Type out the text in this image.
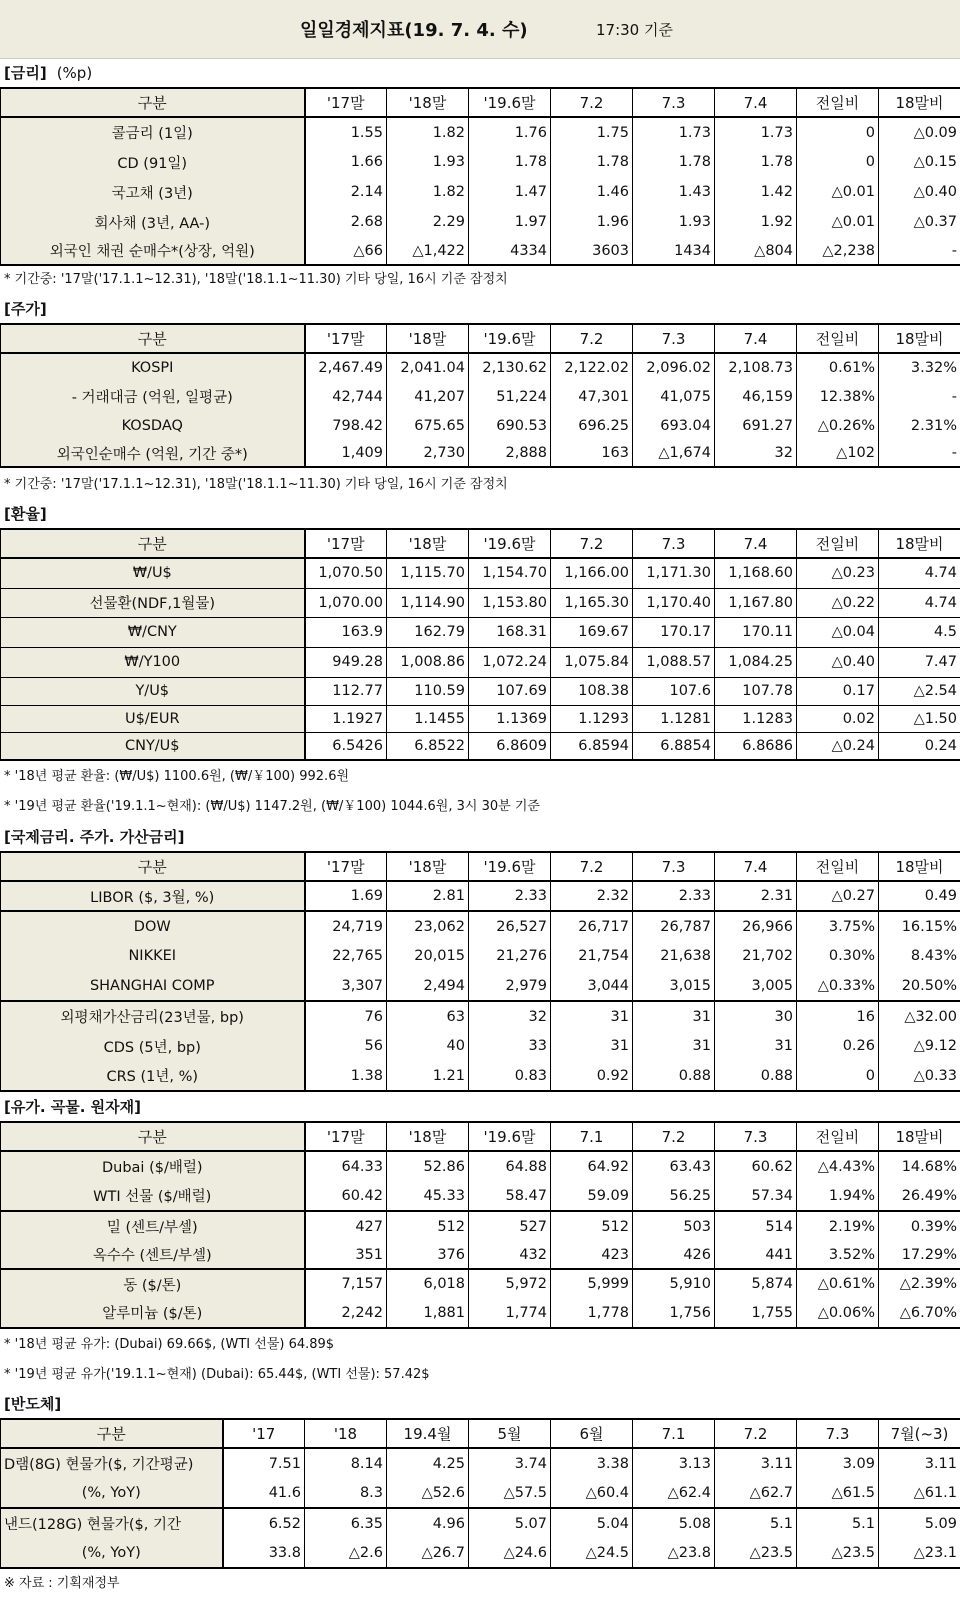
일일경제지표(19. 7. 4. 수)	17:30 기준
[금리] (%p)
구분	'17말	'18말	'19.6말	7.2	7.3	7.4	전일비	18말비
콜금리 (1일)	1.55	1.82	1.76	1.75	1.73	1.73	0	△0.09
CD (91일)	1.66	1.93	1.78	1.78	1.78	1.78	0	△0.15
국고채 (3년)	2.14	1.82	1.47	1.46	1.43	1.42	△0.01	△0.40
회사채 (3년, AA-)	2.68	2.29	1.97	1.96	1.93	1.92	△0.01	△0.37
외국인 채권 순매수*(상장, 억원)	△66	△1,422	4334	3603	1434	△804	△2,238	-
* 기간중: '17말('17.1.1~12.31), '18말('18.1.1~11.30) 기타 당일, 16시 기준 잠정치
[주가]
구분	'17말	'18말	'19.6말	7.2	7.3	7.4	전일비	18말비
KOSPI	2,467.49	2,041.04	2,130.62	2,122.02	2,096.02	2,108.73	0.61%	3.32%
- 거래대금 (억원, 일평균)	42,744	41,207	51,224	47,301	41,075	46,159	12.38%	-
KOSDAQ	798.42	675.65	690.53	696.25	693.04	691.27	△0.26%	2.31%
외국인순매수 (억원, 기간 중*)	1,409	2,730	2,888	163	△1,674	32	△102	-
* 기간중: '17말('17.1.1~12.31), '18말('18.1.1~11.30) 기타 당일, 16시 기준 잠정치
[환율]
구분	'17말	'18말	'19.6말	7.2	7.3	7.4	전일비	18말비
₩/U$	1,070.50	1,115.70	1,154.70	1,166.00	1,171.30	1,168.60	△0.23	4.74
선물환(NDF,1월물)	1,070.00	1,114.90	1,153.80	1,165.30	1,170.40	1,167.80	△0.22	4.74
₩/CNY	163.9	162.79	168.31	169.67	170.17	170.11	△0.04	4.5
₩/Y100	949.28	1,008.86	1,072.24	1,075.84	1,088.57	1,084.25	△0.40	7.47
Y/U$	112.77	110.59	107.69	108.38	107.6	107.78	0.17	△2.54
U$/EUR	1.1927	1.1455	1.1369	1.1293	1.1281	1.1283	0.02	△1.50
CNY/U$	6.5426	6.8522	6.8609	6.8594	6.8854	6.8686	△0.24	0.24
* '18년 평균 환율: (₩/U$) 1100.6원, (₩/￥100) 992.6원
* '19년 평균 환율('19.1.1~현재): (₩/U$) 1147.2원, (₩/￥100) 1044.6원, 3시 30분 기준
[국제금리. 주가. 가산금리]
구분	'17말	'18말	'19.6말	7.2	7.3	7.4	전일비	18말비
LIBOR ($, 3월, %)	1.69	2.81	2.33	2.32	2.33	2.31	△0.27	0.49
DOW	24,719	23,062	26,527	26,717	26,787	26,966	3.75%	16.15%
NIKKEI	22,765	20,015	21,276	21,754	21,638	21,702	0.30%	8.43%
SHANGHAI COMP	3,307	2,494	2,979	3,044	3,015	3,005	△0.33%	20.50%
외평채가산금리(23년물, bp)	76	63	32	31	31	30	16	△32.00
CDS (5년, bp)	56	40	33	31	31	31	0.26	△9.12
CRS (1년, %)	1.38	1.21	0.83	0.92	0.88	0.88	0	△0.33
[유가. 곡물. 원자재]
구분	'17말	'18말	'19.6말	7.1	7.2	7.3	전일비	18말비
Dubai ($/배럴)	64.33	52.86	64.88	64.92	63.43	60.62	△4.43%	14.68%
WTI 선물 ($/배럴)	60.42	45.33	58.47	59.09	56.25	57.34	1.94%	26.49%
밀 (센트/부셀)	427	512	527	512	503	514	2.19%	0.39%
옥수수 (센트/부셀)	351	376	432	423	426	441	3.52%	17.29%
동 ($/톤)	7,157	6,018	5,972	5,999	5,910	5,874	△0.61%	△2.39%
알루미늄 ($/톤)	2,242	1,881	1,774	1,778	1,756	1,755	△0.06%	△6.70%
* '18년 평균 유가: (Dubai) 69.66$, (WTI 선물) 64.89$
* '19년 평균 유가('19.1.1~현재) (Dubai): 65.44$, (WTI 선물): 57.42$
[반도체]
구분	'17	'18	19.4월	5월	6월	7.1	7.2	7.3	7월(~3)
D램(8G) 현물가($, 기간평균)	7.51	8.14	4.25	3.74	3.38	3.13	3.11	3.09	3.11
(%, YoY)	41.6	8.3	△52.6	△57.5	△60.4	△62.4	△62.7	△61.5	△61.1
낸드(128G) 현물가($, 기간	6.52	6.35	4.96	5.07	5.04	5.08	5.1	5.1	5.09
(%, YoY)	33.8	△2.6	△26.7	△24.6	△24.5	△23.8	△23.5	△23.5	△23.1
※ 자료 : 기획재정부
